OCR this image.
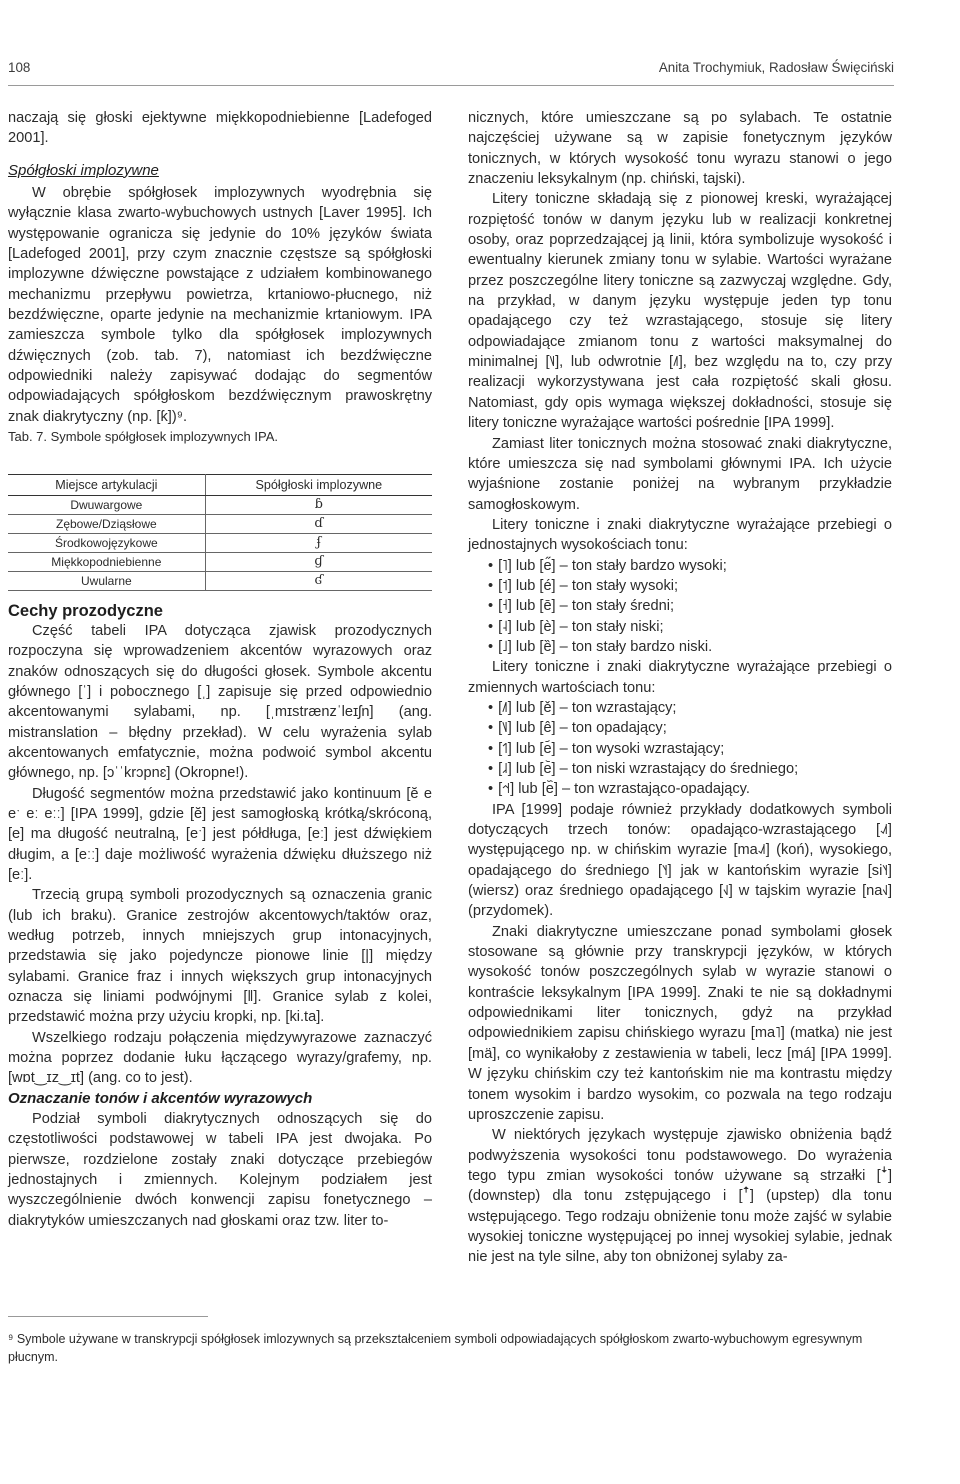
108	Anita Trochymiuk, Radosław Święciński

naczają się głoski ejektywne miękkopodniebienne [Ladefoged 2001].

Spółgłoski implozywne

W obrębie spółgłosek implozywnych wyodrębnia się wyłącznie klasa zwarto-wybuchowych ustnych [Laver 1995]. Ich występowanie ogranicza się jedynie do 10% języków świata [Ladefoged 2001], przy czym znacznie częstsze są spółgłoski implozywne dźwięczne powstające z udziałem kombinowanego mechanizmu przepływu powietrza, krtaniowo-płucnego, niż bezdźwięczne, oparte jedynie na mechanizmie krtaniowym. IPA zamieszcza symbole tylko dla spółgłosek implozywnych dźwięcznych (zob. tab. 7), natomiast ich bezdźwięczne odpowiedniki należy zapisywać dodając do segmentów odpowiadających spółgłoskom bezdźwięcznym prawoskrętny znak diakrytyczny (np. [ƙ])⁹.

Tab. 7. Symbole spółgłosek implozywnych IPA.

Miejsce artykulacji	Spółgłoski implozywne
Dwuwargowe	ɓ
Zębowe/Dziąsłowe	ɗ
Środkowojęzykowe	ʄ
Miękkopodniebienne	ɠ
Uwularne	ʛ

Cechy prozodyczne

Część tabeli IPA dotycząca zjawisk prozodycznych rozpoczyna się wprowadzeniem akcentów wyrazowych oraz znaków odnoszących się do długości głosek. Symbole akcentu głównego [ˈ] i pobocznego [ˌ] zapisuje się przed odpowiednio akcentowanymi sylabami, np. [ˌmɪstrænzˈleɪʃn] (ang. mistranslation – błędny przekład). W celu wyrażenia sylab akcentowanych emfatycznie, można podwoić symbol akcentu głównego, np. [ɔˈˈkrɔpnɛ] (Okropne!).

Długość segmentów można przedstawić jako kontinuum [ĕ e eˑ eː eːː] [IPA 1999], gdzie [ĕ] jest samogłoską krótką/skróconą, [e] ma długość neutralną, [eˑ] jest półdługa, [eː] jest dźwiękiem długim, a [eːː] daje możliwość wyrażenia dźwięku dłuższego niż [eː].

Trzecią grupą symboli prozodycznych są oznaczenia granic (lub ich braku). Granice zestrojów akcentowych/taktów oraz, według potrzeb, innych mniejszych grup intonacyjnych, przedstawia się jako pojedyncze pionowe linie [|] między sylabami. Granice fraz i innych większych grup intonacyjnych oznacza się liniami podwójnymi [‖]. Granice sylab z kolei, przedstawić można przy użyciu kropki, np. [ki.ta].

Wszelkiego rodzaju połączenia międzywyrazowe zaznaczyć można poprzez dodanie łuku łączącego wyrazy/grafemy, np. [wɒt‿ɪz‿ɪt] (ang. co to jest).

Oznaczanie tonów i akcentów wyrazowych

Podział symboli diakrytycznych odnoszących się do częstotliwości podstawowej w tabeli IPA jest dwojaka. Po pierwsze, rozdzielone zostały znaki dotyczące przebiegów jednostajnych i zmiennych. Kolejnym podziałem jest wyszczególnienie dwóch konwencji zapisu fonetycznego – diakrytyków umieszczanych nad głoskami oraz tzw. liter to-

nicznych, które umieszczane są po sylabach. Te ostatnie najczęściej używane są w zapisie fonetycznym języków tonicznych, w których wysokość tonu wyrazu stanowi o jego znaczeniu leksykalnym (np. chiński, tajski).

Litery toniczne składają się z pionowej kreski, wyrażającej rozpiętość tonów w danym języku lub w realizacji konkretnej osoby, oraz poprzedzającej ją linii, która symbolizuje wysokość i ewentualny kierunek zmiany tonu w sylabie. Wartości wyrażane przez poszczególne litery toniczne są zazwyczaj względne. Gdy, na przykład, w danym języku występuje jeden typ tonu opadającego czy też wzrastającego, stosuje się litery odpowiadające zmianom tonu z wartości maksymalnej do minimalnej [˥˩], lub odwrotnie [˩˥], bez względu na to, czy przy realizacji wykorzystywana jest cała rozpiętość skali głosu. Natomiast, gdy opis wymaga większej dokładności, stosuje się litery toniczne wyrażające wartości pośrednie [IPA 1999].

Zamiast liter tonicznych można stosować znaki diakrytyczne, które umieszcza się nad symbolami głównymi IPA. Ich użycie wyjaśnione zostanie poniżej na wybranym przykładzie samogłoskowym.

Litery toniczne i znaki diakrytyczne wyrażające przebiegi o jednostajnych wysokościach tonu:

• [˥] lub [e̋] – ton stały bardzo wysoki;
• [˦] lub [é] – ton stały wysoki;
• [˧] lub [ē] – ton stały średni;
• [˨] lub [è] – ton stały niski;
• [˩] lub [ȅ] – ton stały bardzo niski.

Litery toniczne i znaki diakrytyczne wyrażające przebiegi o zmiennych wartościach tonu:

• [˩˥] lub [ě] – ton wzrastający;
• [˥˩] lub [ê] – ton opadający;
• [˦˥] lub [e᷄] – ton wysoki wzrastający;
• [˩˨] lub [e᷅] – ton niski wzrastający do średniego;
• [˧˦˧] lub [e᷈] – ton wzrastająco-opadający.

IPA [1999] podaje również przykłady dodatkowych symboli dotyczących trzech tonów: opadająco-wzrastającego [˨˩˦] występującego np. w chińskim wyrazie [ma˨˩˦] (koń), wysokiego, opadającego do średniego [˥˧] jak w kantońskim wyrazie [si˥˧] (wiersz) oraz średniego opadającego [˧˩] w tajskim wyrazie [na˧˩] (przydomek).

Znaki diakrytyczne umieszczane ponad symbolami głosek stosowane są głównie przy transkrypcji języków, w których wysokość tonów poszczególnych sylab w wyrazie stanowi o kontraście leksykalnym [IPA 1999]. Znaki te nie są dokładnymi odpowiednikami liter tonicznych, gdyż na przykład odpowiednikiem zapisu chińskiego wyrazu [ma˥] (matka) nie jest [mä], co wynikałoby z zestawienia w tabeli, lecz [má] [IPA 1999]. W języku chińskim czy też kantońskim nie ma kontrastu między tonem wysokim i bardzo wysokim, co pozwala na tego rodzaju uproszczenie zapisu.

W niektórych językach występuje zjawisko obniżenia bądź podwyższenia wysokości tonu podstawowego. Do wyrażenia tego typu zmian wysokości tonów używane są strzałki [ꜜ] (downstep) dla tonu zstępującego i [ꜛ] (upstep) dla tonu wstępującego. Tego rodzaju obniżenie tonu może zajść w sylabie wysokiej toniczne występującej po innej wysokiej sylabie, jednak nie jest na tyle silne, aby ton obniżonej sylaby za-

⁹ Symbole używane w transkrypcji spółgłosek imlozywnych są przekształceniem symboli odpowiadających spółgłoskom zwarto-wybuchowym egresywnym płucnym.
